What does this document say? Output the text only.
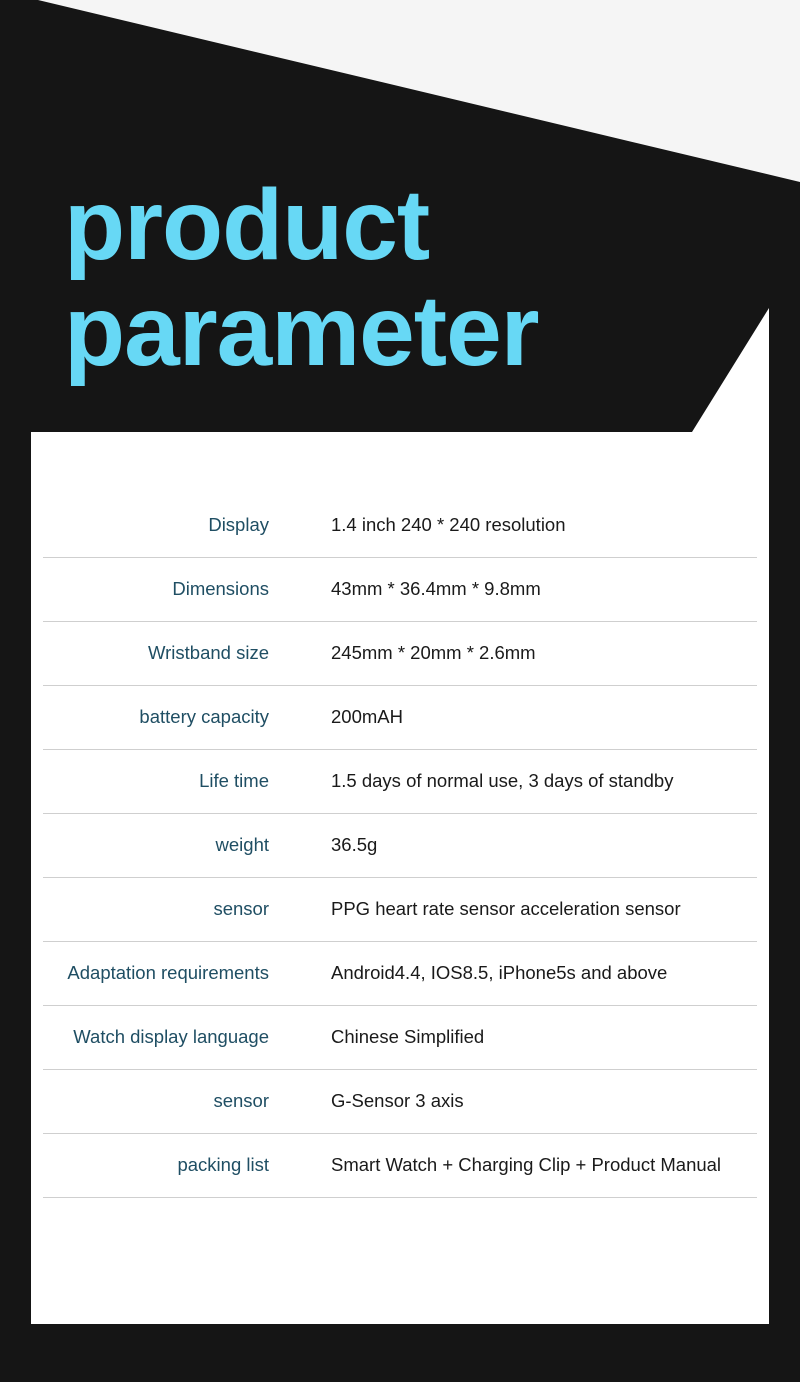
product
parameter
Display	1.4 inch 240 * 240 resolution
Dimensions	43mm * 36.4mm * 9.8mm
Wristband size	245mm * 20mm * 2.6mm
battery capacity	200mAH
Life time	1.5 days of normal use, 3 days of standby
weight	36.5g
sensor	PPG heart rate sensor acceleration sensor
Adaptation requirements	Android4.4, IOS8.5, iPhone5s and above
Watch display language	Chinese Simplified
sensor	G-Sensor 3 axis
packing list	Smart Watch + Charging Clip + Product Manual
